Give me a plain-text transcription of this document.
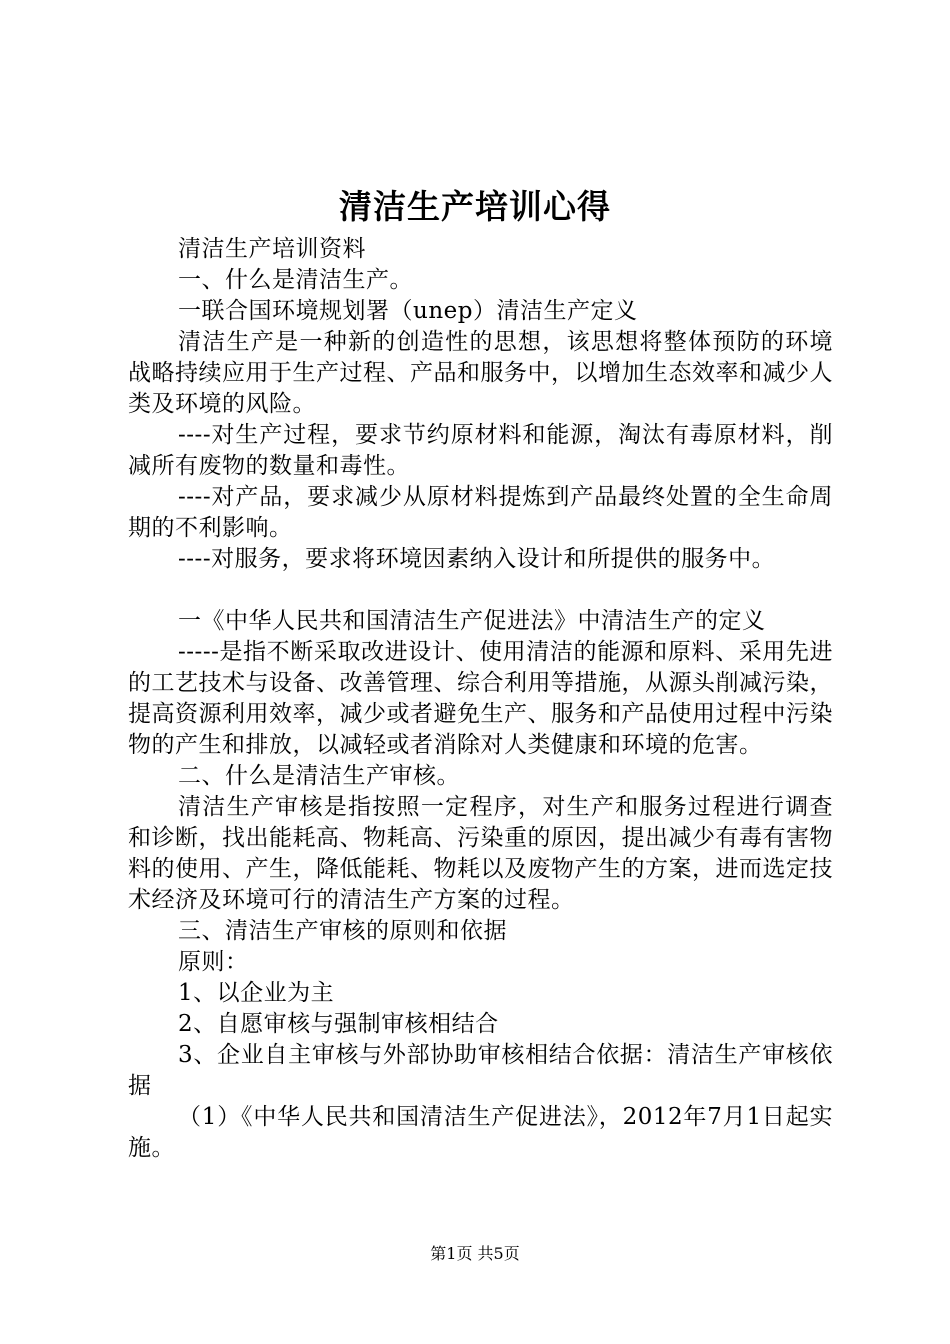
清洁生产培训心得

清洁生产培训资料

一、什么是清洁生产。

一联合国环境规划署（unep）清洁生产定义

清洁生产是一种新的创造性的思想，该思想将整体预防的环境战略持续应用于生产过程、产品和服务中，以增加生态效率和减少人类及环境的风险。

----对生产过程，要求节约原材料和能源，淘汰有毒原材料，削减所有废物的数量和毒性。

----对产品，要求减少从原材料提炼到产品最终处置的全生命周期的不利影响。

----对服务，要求将环境因素纳入设计和所提供的服务中。

一《中华人民共和国清洁生产促进法》中清洁生产的定义

-----是指不断采取改进设计、使用清洁的能源和原料、采用先进的工艺技术与设备、改善管理、综合利用等措施，从源头削减污染，提高资源利用效率，减少或者避免生产、服务和产品使用过程中污染物的产生和排放，以减轻或者消除对人类健康和环境的危害。

二、什么是清洁生产审核。

清洁生产审核是指按照一定程序，对生产和服务过程进行调查和诊断，找出能耗高、物耗高、污染重的原因，提出减少有毒有害物料的使用、产生，降低能耗、物耗以及废物产生的方案，进而选定技术经济及环境可行的清洁生产方案的过程。

三、清洁生产审核的原则和依据

原则：

1、以企业为主

2、自愿审核与强制审核相结合

3、企业自主审核与外部协助审核相结合依据：清洁生产审核依据

（1）《中华人民共和国清洁生产促进法》，2012年7月1日起实施。

第1页 共5页
